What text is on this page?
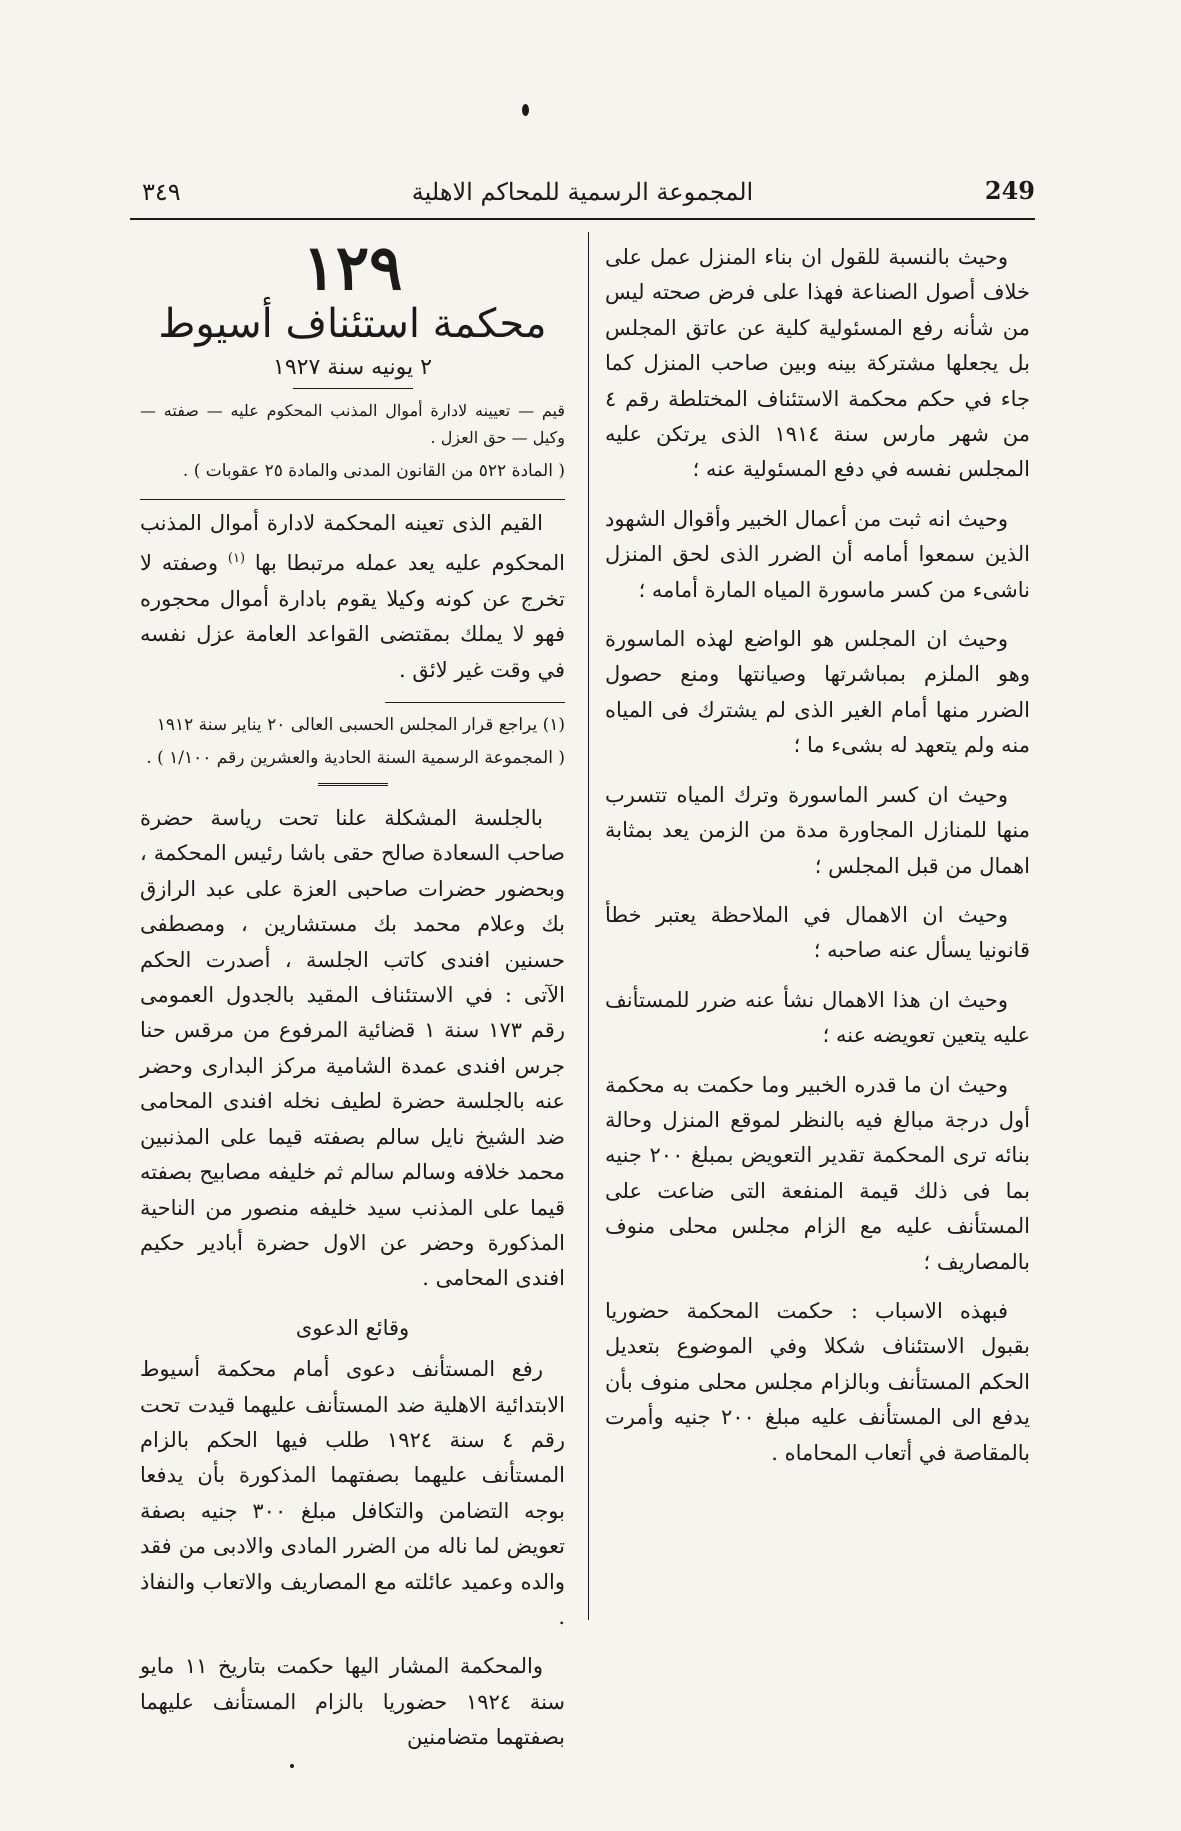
٣٤٩	المجموعة الرسمية للمحاكم الاهلية	249

وحيث بالنسبة للقول ان بناء المنزل عمل على خلاف أصول الصناعة فهذا على فرض صحته ليس من شأنه رفع المسئولية كلية عن عاتق المجلس بل يجعلها مشتركة بينه وبين صاحب المنزل كما جاء في حكم محكمة الاستئناف المختلطة رقم ٤ من شهر مارس سنة ١٩١٤ الذى يرتكن عليه المجلس نفسه في دفع المسئولية عنه ؛

وحيث انه ثبت من أعمال الخبير وأقوال الشهود الذين سمعوا أمامه أن الضرر الذى لحق المنزل ناشىء من كسر ماسورة المياه المارة أمامه ؛

وحيث ان المجلس هو الواضع لهذه الماسورة وهو الملزم بمباشرتها وصيانتها ومنع حصول الضرر منها أمام الغير الذى لم يشترك فى المياه منه ولم يتعهد له بشىء ما ؛

وحيث ان كسر الماسورة وترك المياه تتسرب منها للمنازل المجاورة مدة من الزمن يعد بمثابة اهمال من قبل المجلس ؛

وحيث ان الاهمال في الملاحظة يعتبر خطأ قانونيا يسأل عنه صاحبه ؛

وحيث ان هذا الاهمال نشأ عنه ضرر للمستأنف عليه يتعين تعويضه عنه ؛

وحيث ان ما قدره الخبير وما حكمت به محكمة أول درجة مبالغ فيه بالنظر لموقع المنزل وحالة بنائه ترى المحكمة تقدير التعويض بمبلغ ٢٠٠ جنيه بما فى ذلك قيمة المنفعة التى ضاعت على المستأنف عليه مع الزام مجلس محلى منوف بالمصاريف ؛

فبهذه الاسباب : حكمت المحكمة حضوريا بقبول الاستئناف شكلا وفي الموضوع بتعديل الحكم المستأنف وبالزام مجلس محلى منوف بأن يدفع الى المستأنف عليه مبلغ ٢٠٠ جنيه وأمرت بالمقاصة في أتعاب المحاماه .

١٢٩
محكمة استئناف أسيوط
٢ يونيه سنة ١٩٢٧

قيم — تعيينه لادارة أموال المذنب المحكوم عليه — صفته — وكيل — حق العزل .

( المادة ٥٢٢ من القانون المدنى والمادة ٢٥ عقوبات ) .

القيم الذى تعينه المحكمة لادارة أموال المذنب المحكوم عليه يعد عمله مرتبطا بها $^{(١)}$ وصفته لا تخرج عن كونه وكيلا يقوم بادارة أموال محجوره فهو لا يملك بمقتضى القواعد العامة عزل نفسه في وقت غير لائق .

(١) يراجع قرار المجلس الحسبى العالى ٢٠ يناير سنة ١٩١٢

( المجموعة الرسمية السنة الحادية والعشرين رقم ١/١٠٠ ) .

بالجلسة المشكلة علنا تحت رياسة حضرة صاحب السعادة صالح حقى باشا رئيس المحكمة ، وبحضور حضرات صاحبى العزة على عبد الرازق بك وعلام محمد بك مستشارين ، ومصطفى حسنين افندى كاتب الجلسة ، أصدرت الحكم الآتى : في الاستئناف المقيد بالجدول العمومى رقم ١٧٣ سنة ١ قضائية المرفوع من مرقس حنا جرس افندى عمدة الشامية مركز البدارى وحضر عنه بالجلسة حضرة لطيف نخله افندى المحامى ضد الشيخ نايل سالم بصفته قيما على المذنبين محمد خلافه وسالم سالم ثم خليفه مصابيح بصفته قيما على المذنب سيد خليفه منصور من الناحية المذكورة وحضر عن الاول حضرة أبادير حكيم افندى المحامى .

وقائع الدعوى

رفع المستأنف دعوى أمام محكمة أسيوط الابتدائية الاهلية ضد المستأنف عليهما قيدت تحت رقم ٤ سنة ١٩٢٤ طلب فيها الحكم بالزام المستأنف عليهما بصفتهما المذكورة بأن يدفعا بوجه التضامن والتكافل مبلغ ٣٠٠ جنيه بصفة تعويض لما ناله من الضرر المادى والادبى من فقد والده وعميد عائلته مع المصاريف والاتعاب والنفاذ .

والمحكمة المشار اليها حكمت بتاريخ ١١ مايو سنة ١٩٢٤ حضوريا بالزام المستأنف عليهما بصفتهما متضامنين
